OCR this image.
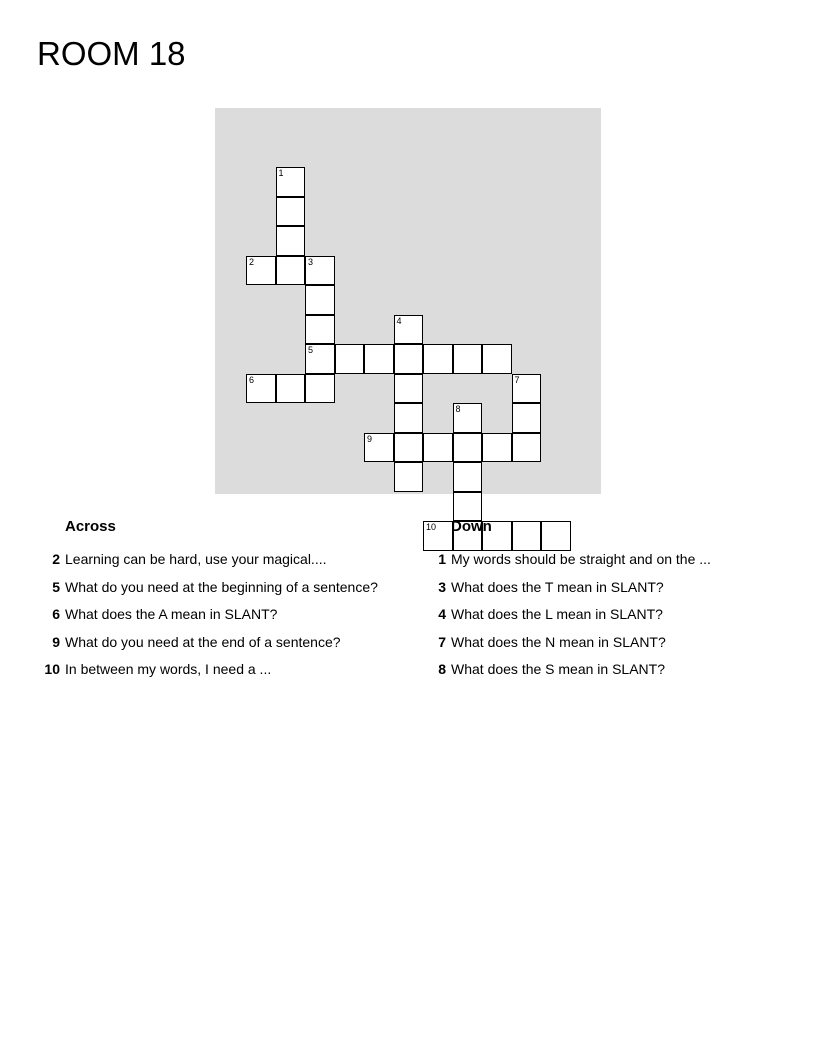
ROOM 18
1
2	3
4
5
6	7
8
9
10
Across
2 Learning can be hard, use your magical....
5 What do you need at the beginning of a sentence?
6 What does the A mean in SLANT?
9 What do you need at the end of a sentence?
10 In between my words, I need a ...
Down
1 My words should be straight and on the ...
3 What does the T mean in SLANT?
4 What does the L mean in SLANT?
7 What does the N mean in SLANT?
8 What does the S mean in SLANT?
